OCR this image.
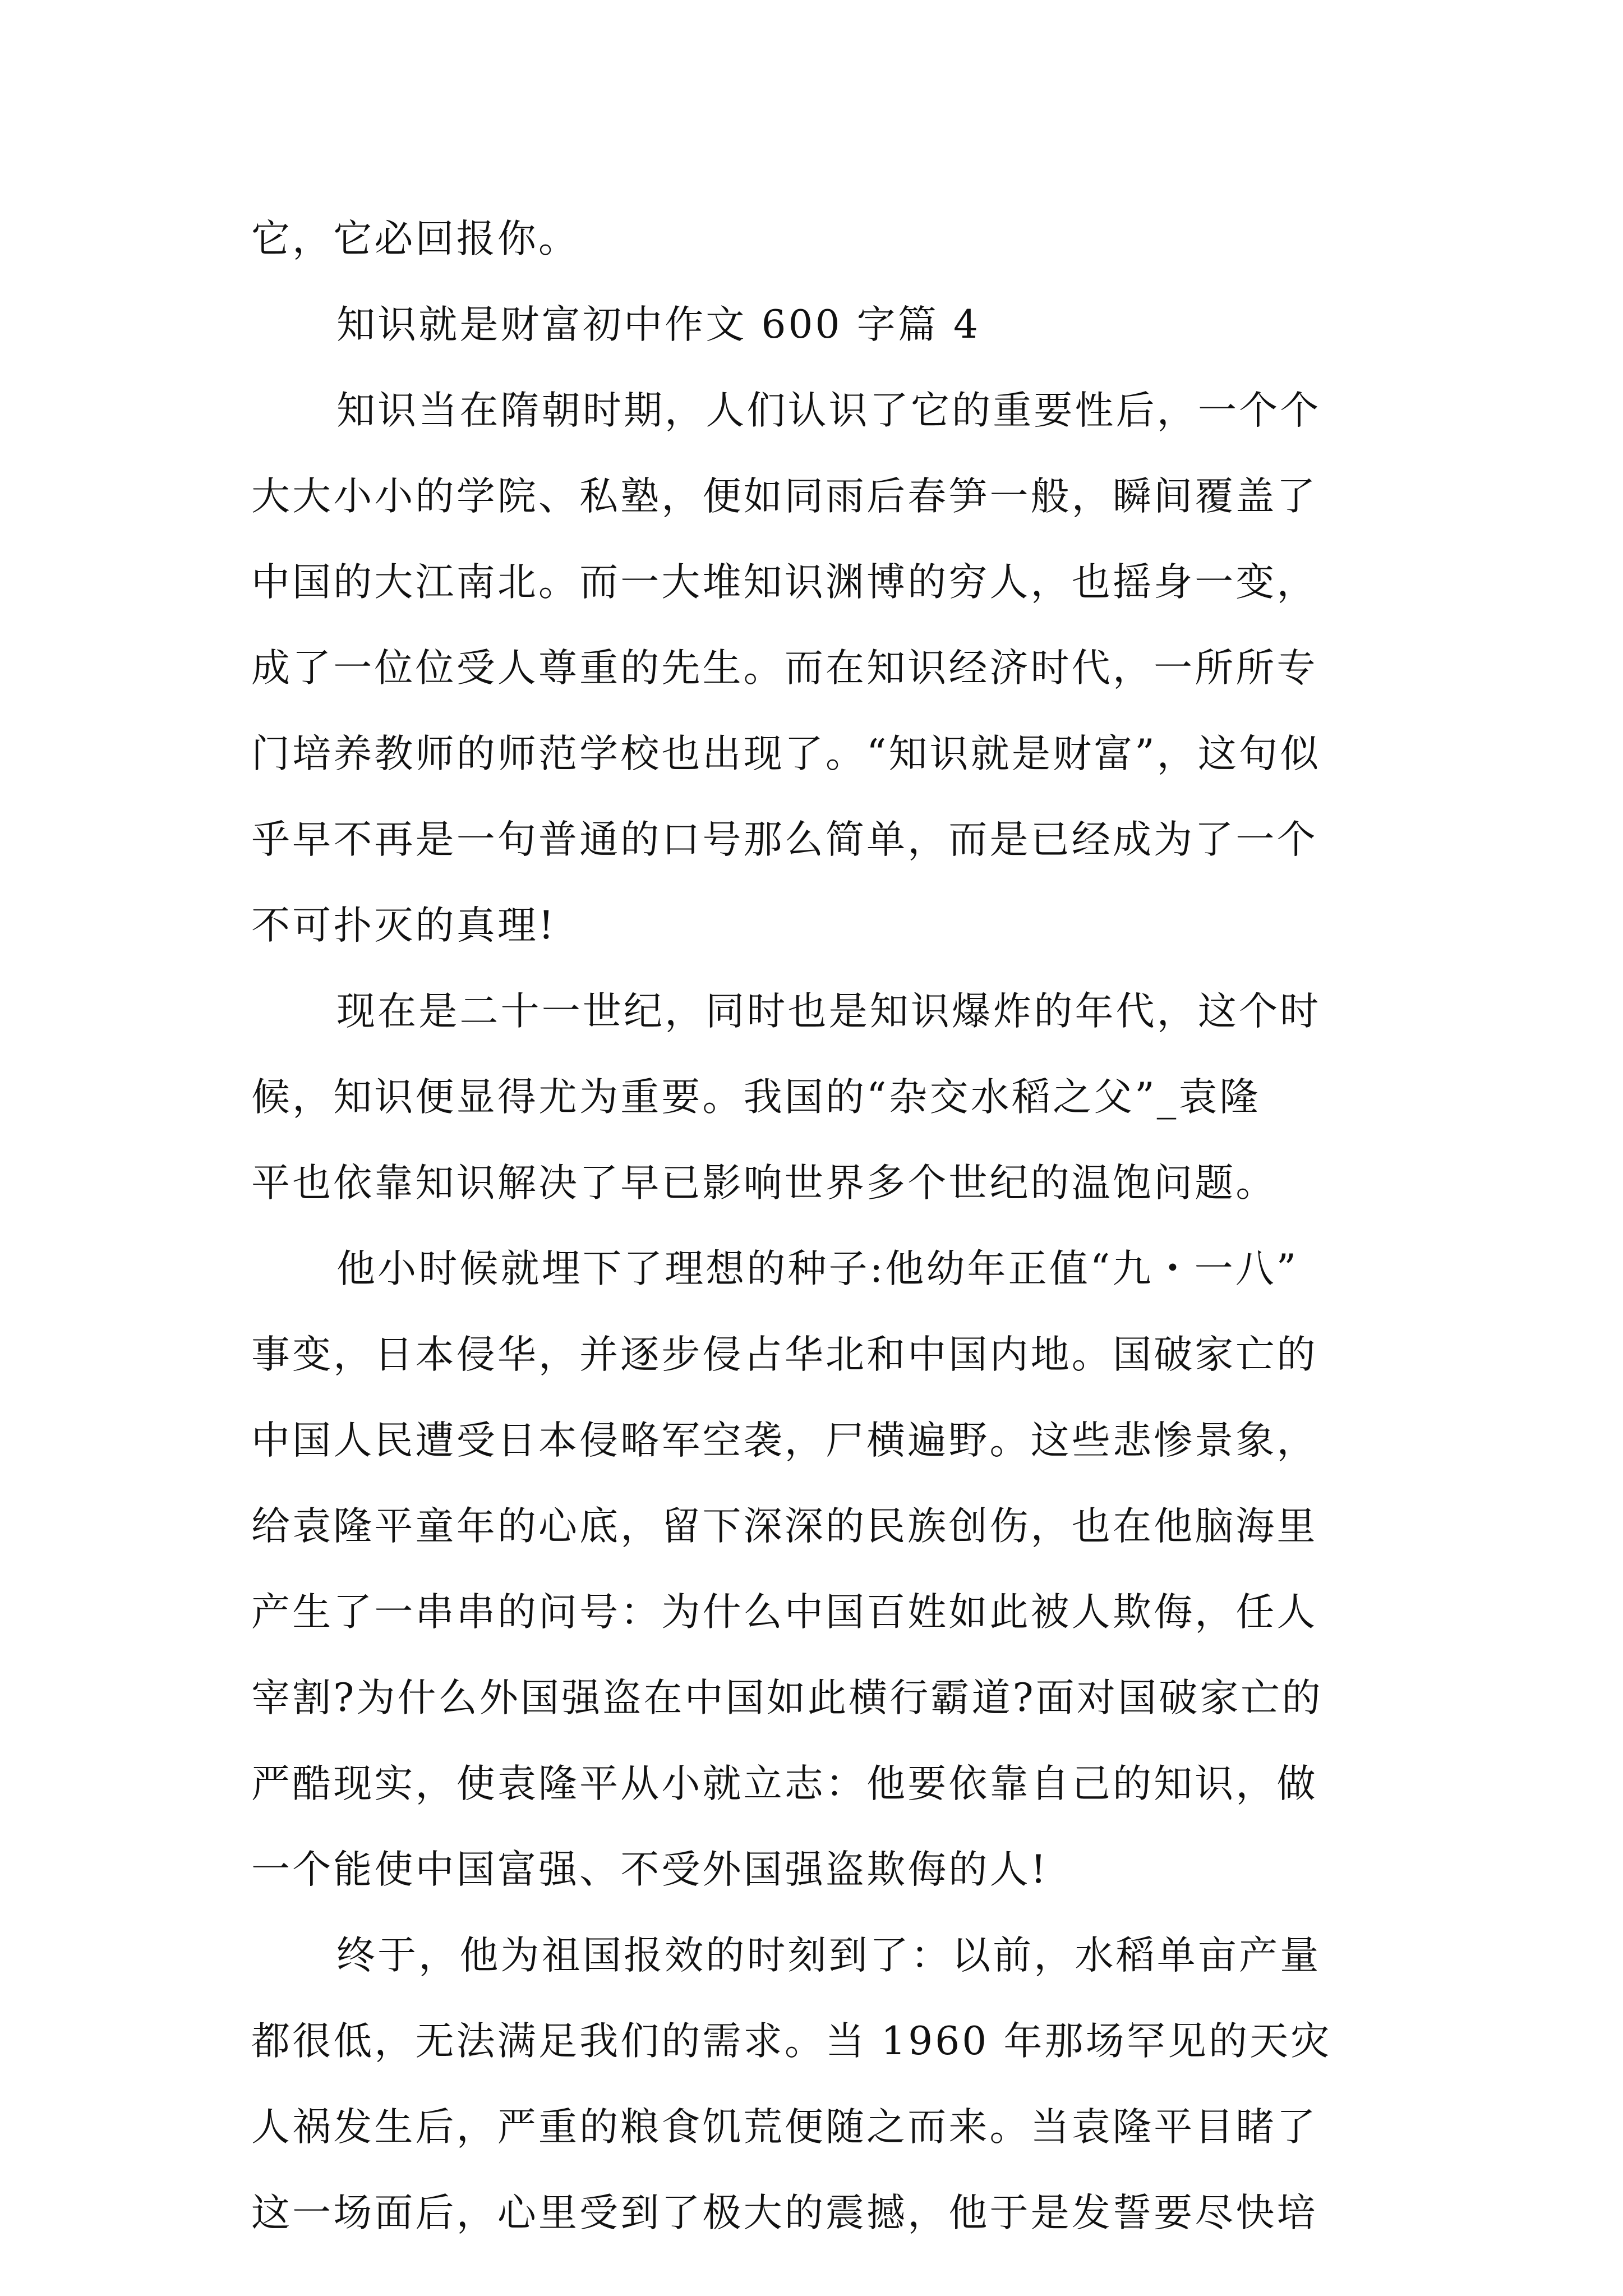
它，它必回报你。
知识就是财富初中作文 600 字篇 4
知识当在隋朝时期，人们认识了它的重要性后，一个个
大大小小的学院、私塾，便如同雨后春笋一般，瞬间覆盖了
中国的大江南北。而一大堆知识渊博的穷人，也摇身一变，
成了一位位受人尊重的先生。而在知识经济时代，一所所专
门培养教师的师范学校也出现了。“知识就是财富”，这句似
乎早不再是一句普通的口号那么简单，而是已经成为了一个
不可扑灭的真理!
现在是二十一世纪，同时也是知识爆炸的年代，这个时
候，知识便显得尤为重要。我国的“杂交水稻之父”_袁隆
平也依靠知识解决了早已影响世界多个世纪的温饱问题。
他小时候就埋下了理想的种子:他幼年正值“九・一八”
事变，日本侵华，并逐步侵占华北和中国内地。国破家亡的
中国人民遭受日本侵略军空袭，尸横遍野。这些悲惨景象，
给袁隆平童年的心底，留下深深的民族创伤，也在他脑海里
产生了一串串的问号：为什么中国百姓如此被人欺侮，任人
宰割?为什么外国强盗在中国如此横行霸道?面对国破家亡的
严酷现实，使袁隆平从小就立志：他要依靠自己的知识，做
一个能使中国富强、不受外国强盗欺侮的人!
终于，他为祖国报效的时刻到了：以前，水稻单亩产量
都很低，无法满足我们的需求。当 1960 年那场罕见的天灾
人祸发生后，严重的粮食饥荒便随之而来。当袁隆平目睹了
这一场面后，心里受到了极大的震撼，他于是发誓要尽快培
